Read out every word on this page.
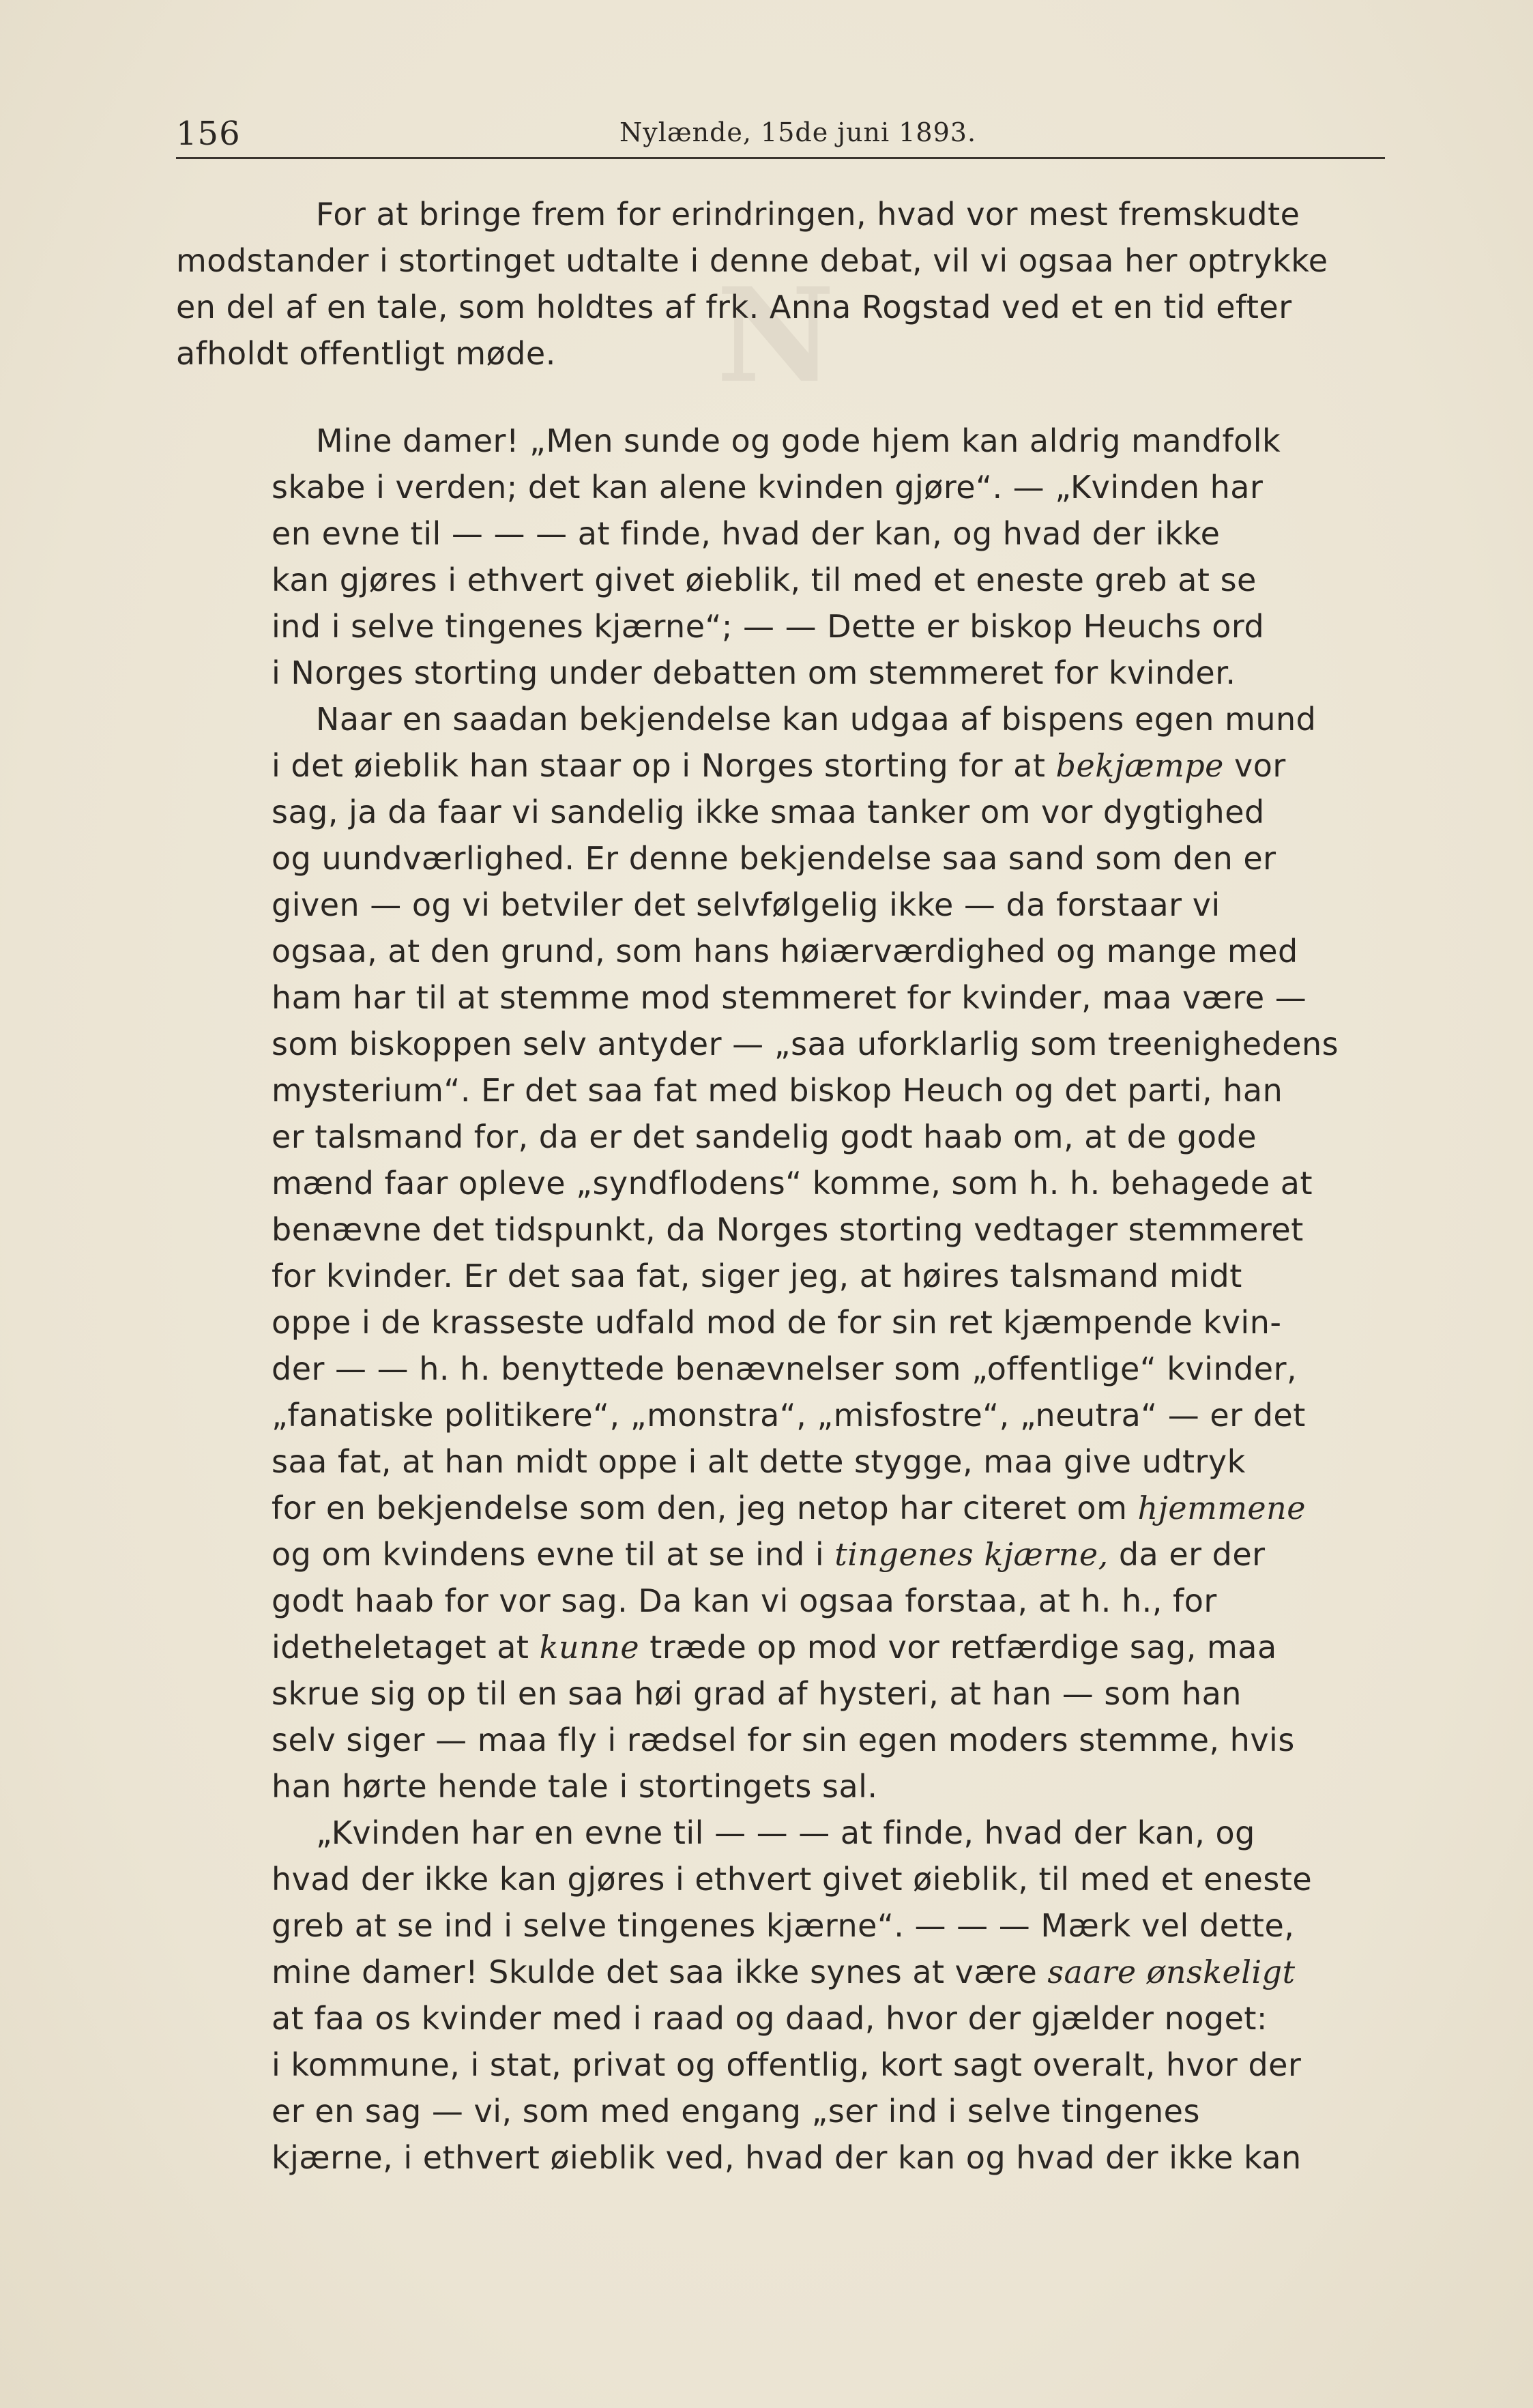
N
156	Nylænde, 15de juni 1893.
For at bringe frem for erindringen, hvad vor mest fremskudte
modstander i stortinget udtalte i denne debat, vil vi ogsaa her optrykke
en del af en tale, som holdtes af frk. Anna Rogstad ved et en tid efter
afholdt offentligt møde.
Mine damer! „Men sunde og gode hjem kan aldrig mandfolk
skabe i verden; det kan alene kvinden gjøre“. — „Kvinden har
en evne til — — — at finde, hvad der kan, og hvad der ikke
kan gjøres i ethvert givet øieblik, til med et eneste greb at se
ind i selve tingenes kjærne“; — — Dette er biskop Heuchs ord
i Norges storting under debatten om stemmeret for kvinder.
Naar en saadan bekjendelse kan udgaa af bispens egen mund
i det øieblik han staar op i Norges storting for at bekjæmpe vor
sag, ja da faar vi sandelig ikke smaa tanker om vor dygtighed
og uundværlighed. Er denne bekjendelse saa sand som den er
given — og vi betviler det selvfølgelig ikke — da forstaar vi
ogsaa, at den grund, som hans høiærværdighed og mange med
ham har til at stemme mod stemmeret for kvinder, maa være —
som biskoppen selv antyder — „saa uforklarlig som treenighedens
mysterium“. Er det saa fat med biskop Heuch og det parti, han
er talsmand for, da er det sandelig godt haab om, at de gode
mænd faar opleve „syndflodens“ komme, som h. h. behagede at
benævne det tidspunkt, da Norges storting vedtager stemmeret
for kvinder. Er det saa fat, siger jeg, at høires talsmand midt
oppe i de krasseste udfald mod de for sin ret kjæmpende kvin-
der — — h. h. benyttede benævnelser som „offentlige“ kvinder,
„fanatiske politikere“, „monstra“, „misfostre“, „neutra“ — er det
saa fat, at han midt oppe i alt dette stygge, maa give udtryk
for en bekjendelse som den, jeg netop har citeret om hjemmene
og om kvindens evne til at se ind i tingenes kjærne, da er der
godt haab for vor sag. Da kan vi ogsaa forstaa, at h. h., for
idetheletaget at kunne træde op mod vor retfærdige sag, maa
skrue sig op til en saa høi grad af hysteri, at han — som han
selv siger — maa fly i rædsel for sin egen moders stemme, hvis
han hørte hende tale i stortingets sal.
„Kvinden har en evne til — — — at finde, hvad der kan, og
hvad der ikke kan gjøres i ethvert givet øieblik, til med et eneste
greb at se ind i selve tingenes kjærne“. — — — Mærk vel dette,
mine damer! Skulde det saa ikke synes at være saare ønskeligt
at faa os kvinder med i raad og daad, hvor der gjælder noget:
i kommune, i stat, privat og offentlig, kort sagt overalt, hvor der
er en sag — vi, som med engang „ser ind i selve tingenes
kjærne, i ethvert øieblik ved, hvad der kan og hvad der ikke kan
